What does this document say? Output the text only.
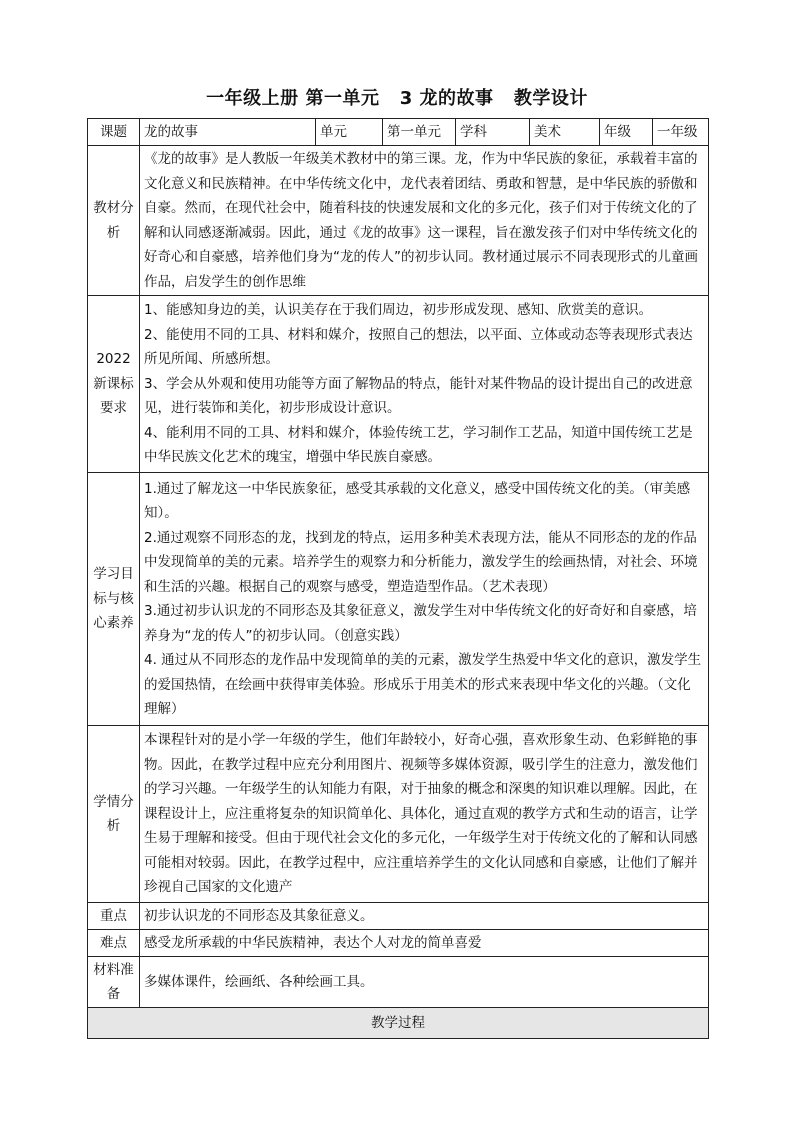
一年级上册 第一单元   3 龙的故事   教学设计
课题	龙的故事	单元	第一单元	学科	美术	年级	一年级
教材分析	《龙的故事》是人教版一年级美术教材中的第三课。龙，作为中华民族的象征，承载着丰富的文化意义和民族精神。在中华传统文化中，龙代表着团结、勇敢和智慧，是中华民族的骄傲和自豪。然而，在现代社会中，随着科技的快速发展和文化的多元化，孩子们对于传统文化的了解和认同感逐渐减弱。因此，通过《龙的故事》这一课程，旨在激发孩子们对中华传统文化的好奇心和自豪感，培养他们身为“龙的传人”的初步认同。教材通过展示不同表现形式的儿童画作品，启发学生的创作思维						

2022新课标要求	1、能感知身边的美，认识美存在于我们周边，初步形成发现、感知、欣赏美的意识。

2、能使用不同的工具、材料和媒介，按照自己的想法，以平面、立体或动态等表现形式表达所见所闻、所感所想。

3、学会从外观和使用功能等方面了解物品的特点，能针对某件物品的设计提出自己的改进意见，进行装饰和美化，初步形成设计意识。

4、能利用不同的工具、材料和媒介，体验传统工艺，学习制作工艺品，知道中国传统工艺是中华民族文化艺术的瑰宝，增强中华民族自豪感。						

学习目标与核心素养	1.通过了解龙这一中华民族象征，感受其承载的文化意义，感受中国传统文化的美。（审美感知）。

2.通过观察不同形态的龙，找到龙的特点，运用多种美术表现方法，能从不同形态的龙的作品中发现简单的美的元素。培养学生的观察力和分析能力，激发学生的绘画热情，对社会、环境和生活的兴趣。根据自己的观察与感受，塑造造型作品。（艺术表现）

3.通过初步认识龙的不同形态及其象征意义，激发学生对中华传统文化的好奇好和自豪感，培养身为“龙的传人”的初步认同。（创意实践）

4. 通过从不同形态的龙作品中发现简单的美的元素，激发学生热爱中华文化的意识，激发学生的爱国热情，在绘画中获得审美体验。形成乐于用美术的形式来表现中华文化的兴趣。（文化理解）						

学情分析	本课程针对的是小学一年级的学生，他们年龄较小，好奇心强，喜欢形象生动、色彩鲜艳的事物。因此，在教学过程中应充分利用图片、视频等多媒体资源，吸引学生的注意力，激发他们的学习兴趣。一年级学生的认知能力有限，对于抽象的概念和深奥的知识难以理解。因此，在课程设计上，应注重将复杂的知识简单化、具体化，通过直观的教学方式和生动的语言，让学生易于理解和接受。但由于现代社会文化的多元化，一年级学生对于传统文化的了解和认同感可能相对较弱。因此，在教学过程中，应注重培养学生的文化认同感和自豪感，让他们了解并珍视自己国家的文化遗产						

重点	初步认识龙的不同形态及其象征意义。						
难点	感受龙所承载的中华民族精神，表达个人对龙的简单喜爱						
材料准备	多媒体课件，绘画纸、各种绘画工具。						
教学过程							
